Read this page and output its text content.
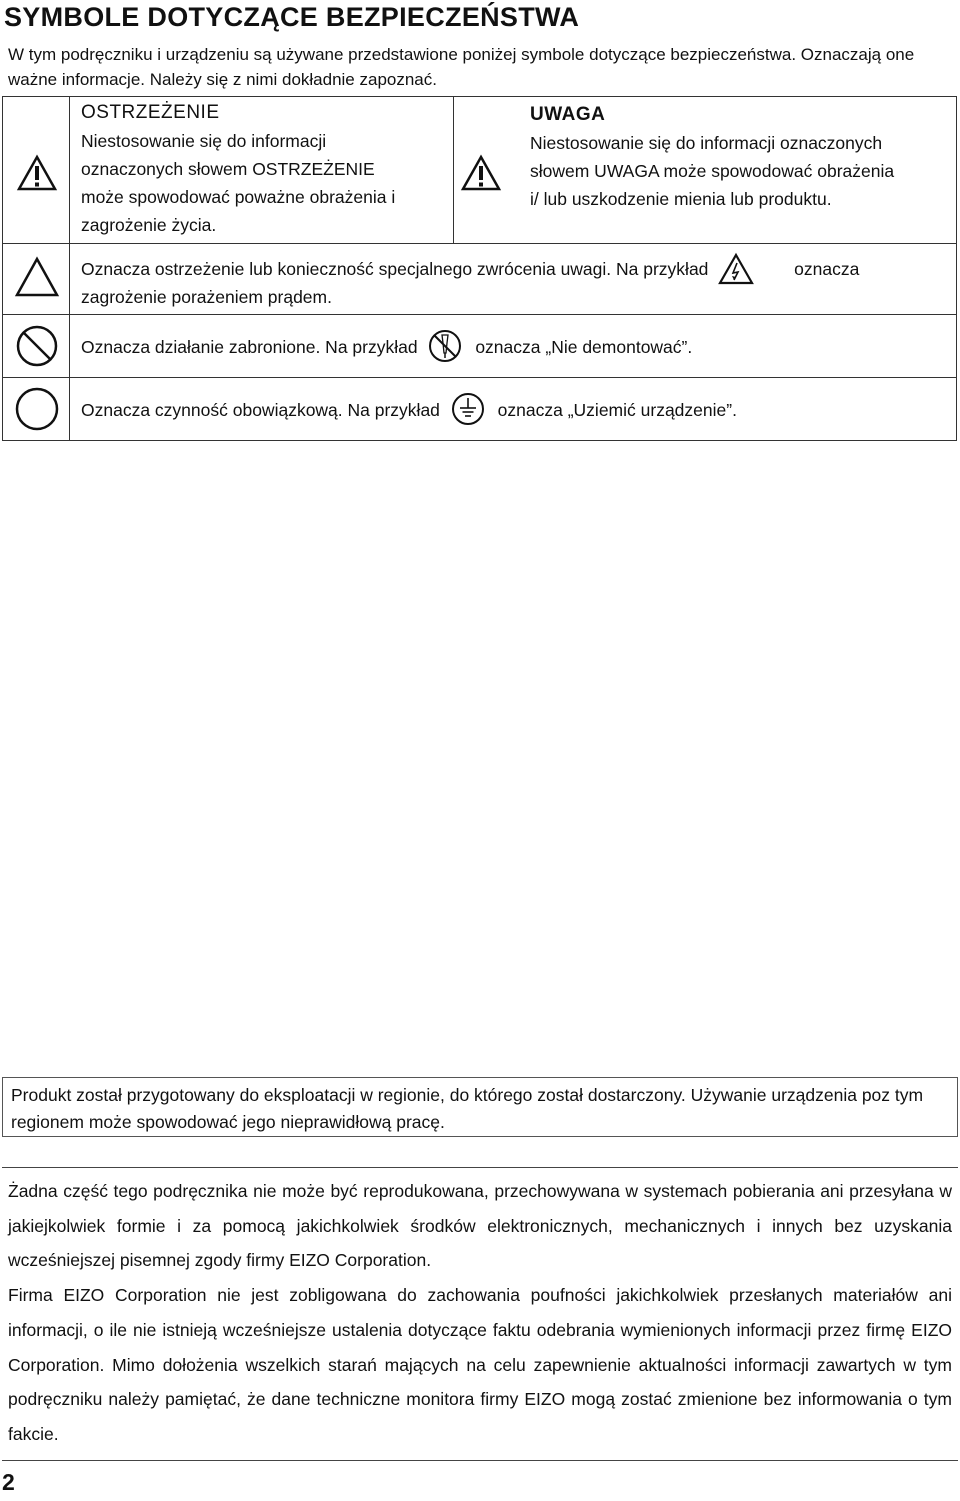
SYMBOLE DOTYCZĄCE BEZPIECZEŃSTWA
W tym podręczniku i urządzeniu są używane przedstawione poniżej symbole dotyczące bezpieczeństwa. Oznaczają one ważne informacje. Należy się z nimi dokładnie zapoznać.
OSTRZEŻENIE
Niestosowanie się do informacji
oznaczonych słowem OSTRZEŻENIE
może spowodować poważne obrażenia i
zagrożenie życia.
UWAGA
Niestosowanie się do informacji oznaczonych
słowem UWAGA może spowodować obrażenia
i/ lub uszkodzenie mienia lub produktu.
Oznacza ostrzeżenie lub konieczność specjalnego zwrócenia uwagi. Na przykład	oznacza
zagrożenie porażeniem prądem.
Oznacza działanie zabronione. Na przykład	oznacza „Nie demontować”.
Oznacza czynność obowiązkową. Na przykład	oznacza „Uziemić urządzenie”.
Produkt został przygotowany do eksploatacji w regionie, do którego został dostarczony. Używanie urządzenia poz tym regionem może spowodować jego nieprawidłową pracę.

Żadna część tego podręcznika nie może być reprodukowana, przechowywana w systemach pobierania ani przesyłana w jakiejkolwiek formie i za pomocą jakichkolwiek środków elektronicznych, mechanicznych i innych bez uzyskania wcześniejszej pisemnej zgody firmy EIZO Corporation.

Firma EIZO Corporation nie jest zobligowana do zachowania poufności jakichkolwiek przesłanych materiałów ani informacji, o ile nie istnieją wcześniejsze ustalenia dotyczące faktu odebrania wymienionych informacji przez firmę EIZO Corporation. Mimo dołożenia wszelkich starań mających na celu zapewnienie aktualności informacji zawartych w tym podręczniku należy pamiętać, że dane techniczne monitora firmy EIZO mogą zostać zmienione bez informowania o tym fakcie.

2
